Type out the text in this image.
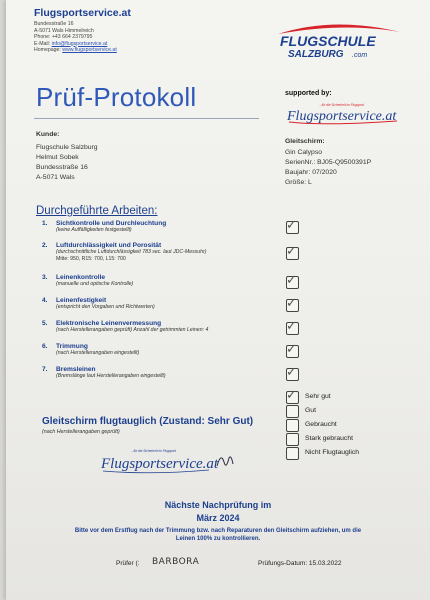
Flugsportservice.at
Bundesstraße 16
A-5071 Wals Himmelreich
Phone: +43 664 2379795
E-Mail: info@flugsportservice.at
Homepage: www.flugsportservice.at
FLUGSCHULE
SALZBURG .com
Prüf-Protokoll	supported by:
...für die Sicherheit im Flugsport
Flugsportservice.at
Kunde:
Flugschule Salzburg
Helmut Sobek
Bundesstraße 16
A-5071 Wals
Gleitschirm:
Gin Calypso
SerienNr.: BJ05-Q9500391P
Baujahr: 07/2020
Größe: L
Durchgeführte Arbeiten:
1. Sichtkontrolle und Durchleuchtung
(keine Auffälligkeiten festgestellt)	✓
2. Luftdurchlässigkeit und Porosität
(durchschnittliche Luftdurchlässigkeit 783 sec. laut JDC-Messuhr)
Mitte: 950, R15: 700, L15: 700
✓
3. Leinenkontrolle
(manuelle und optische Kontrolle)	✓
4. Leinenfestigkeit
(entspricht den Vorgaben und Richtwerten)	✓
5. Elektronische Leinenvermessung
(nach Herstellerangaben geprüft) Anzahl der getrimmten Leinen: 4	✓
6. Trimmung
(nach Herstellerangaben eingestellt)	✓
7. Bremsleinen
(Bremslänge laut Herstellerangaben eingestellt)	✓
✓ Sehr gut
Gut
Gebraucht
Stark gebraucht
Nicht Flugtauglich
Gleitschirm flugtauglich (Zustand: Sehr Gut)
(nach Herstellerangaben geprüft)
...für die Sicherheit im Flugsport
Flugsportservice.at
Nächste Nachprüfung im
März 2024
Bitte vor dem Erstflug nach der Trimmung bzw. nach Reparaturen den Gleitschirm aufziehen, um die
Leinen 100% zu kontrollieren.
Prüfer (: BARBORA	Prüfungs-Datum: 15.03.2022
